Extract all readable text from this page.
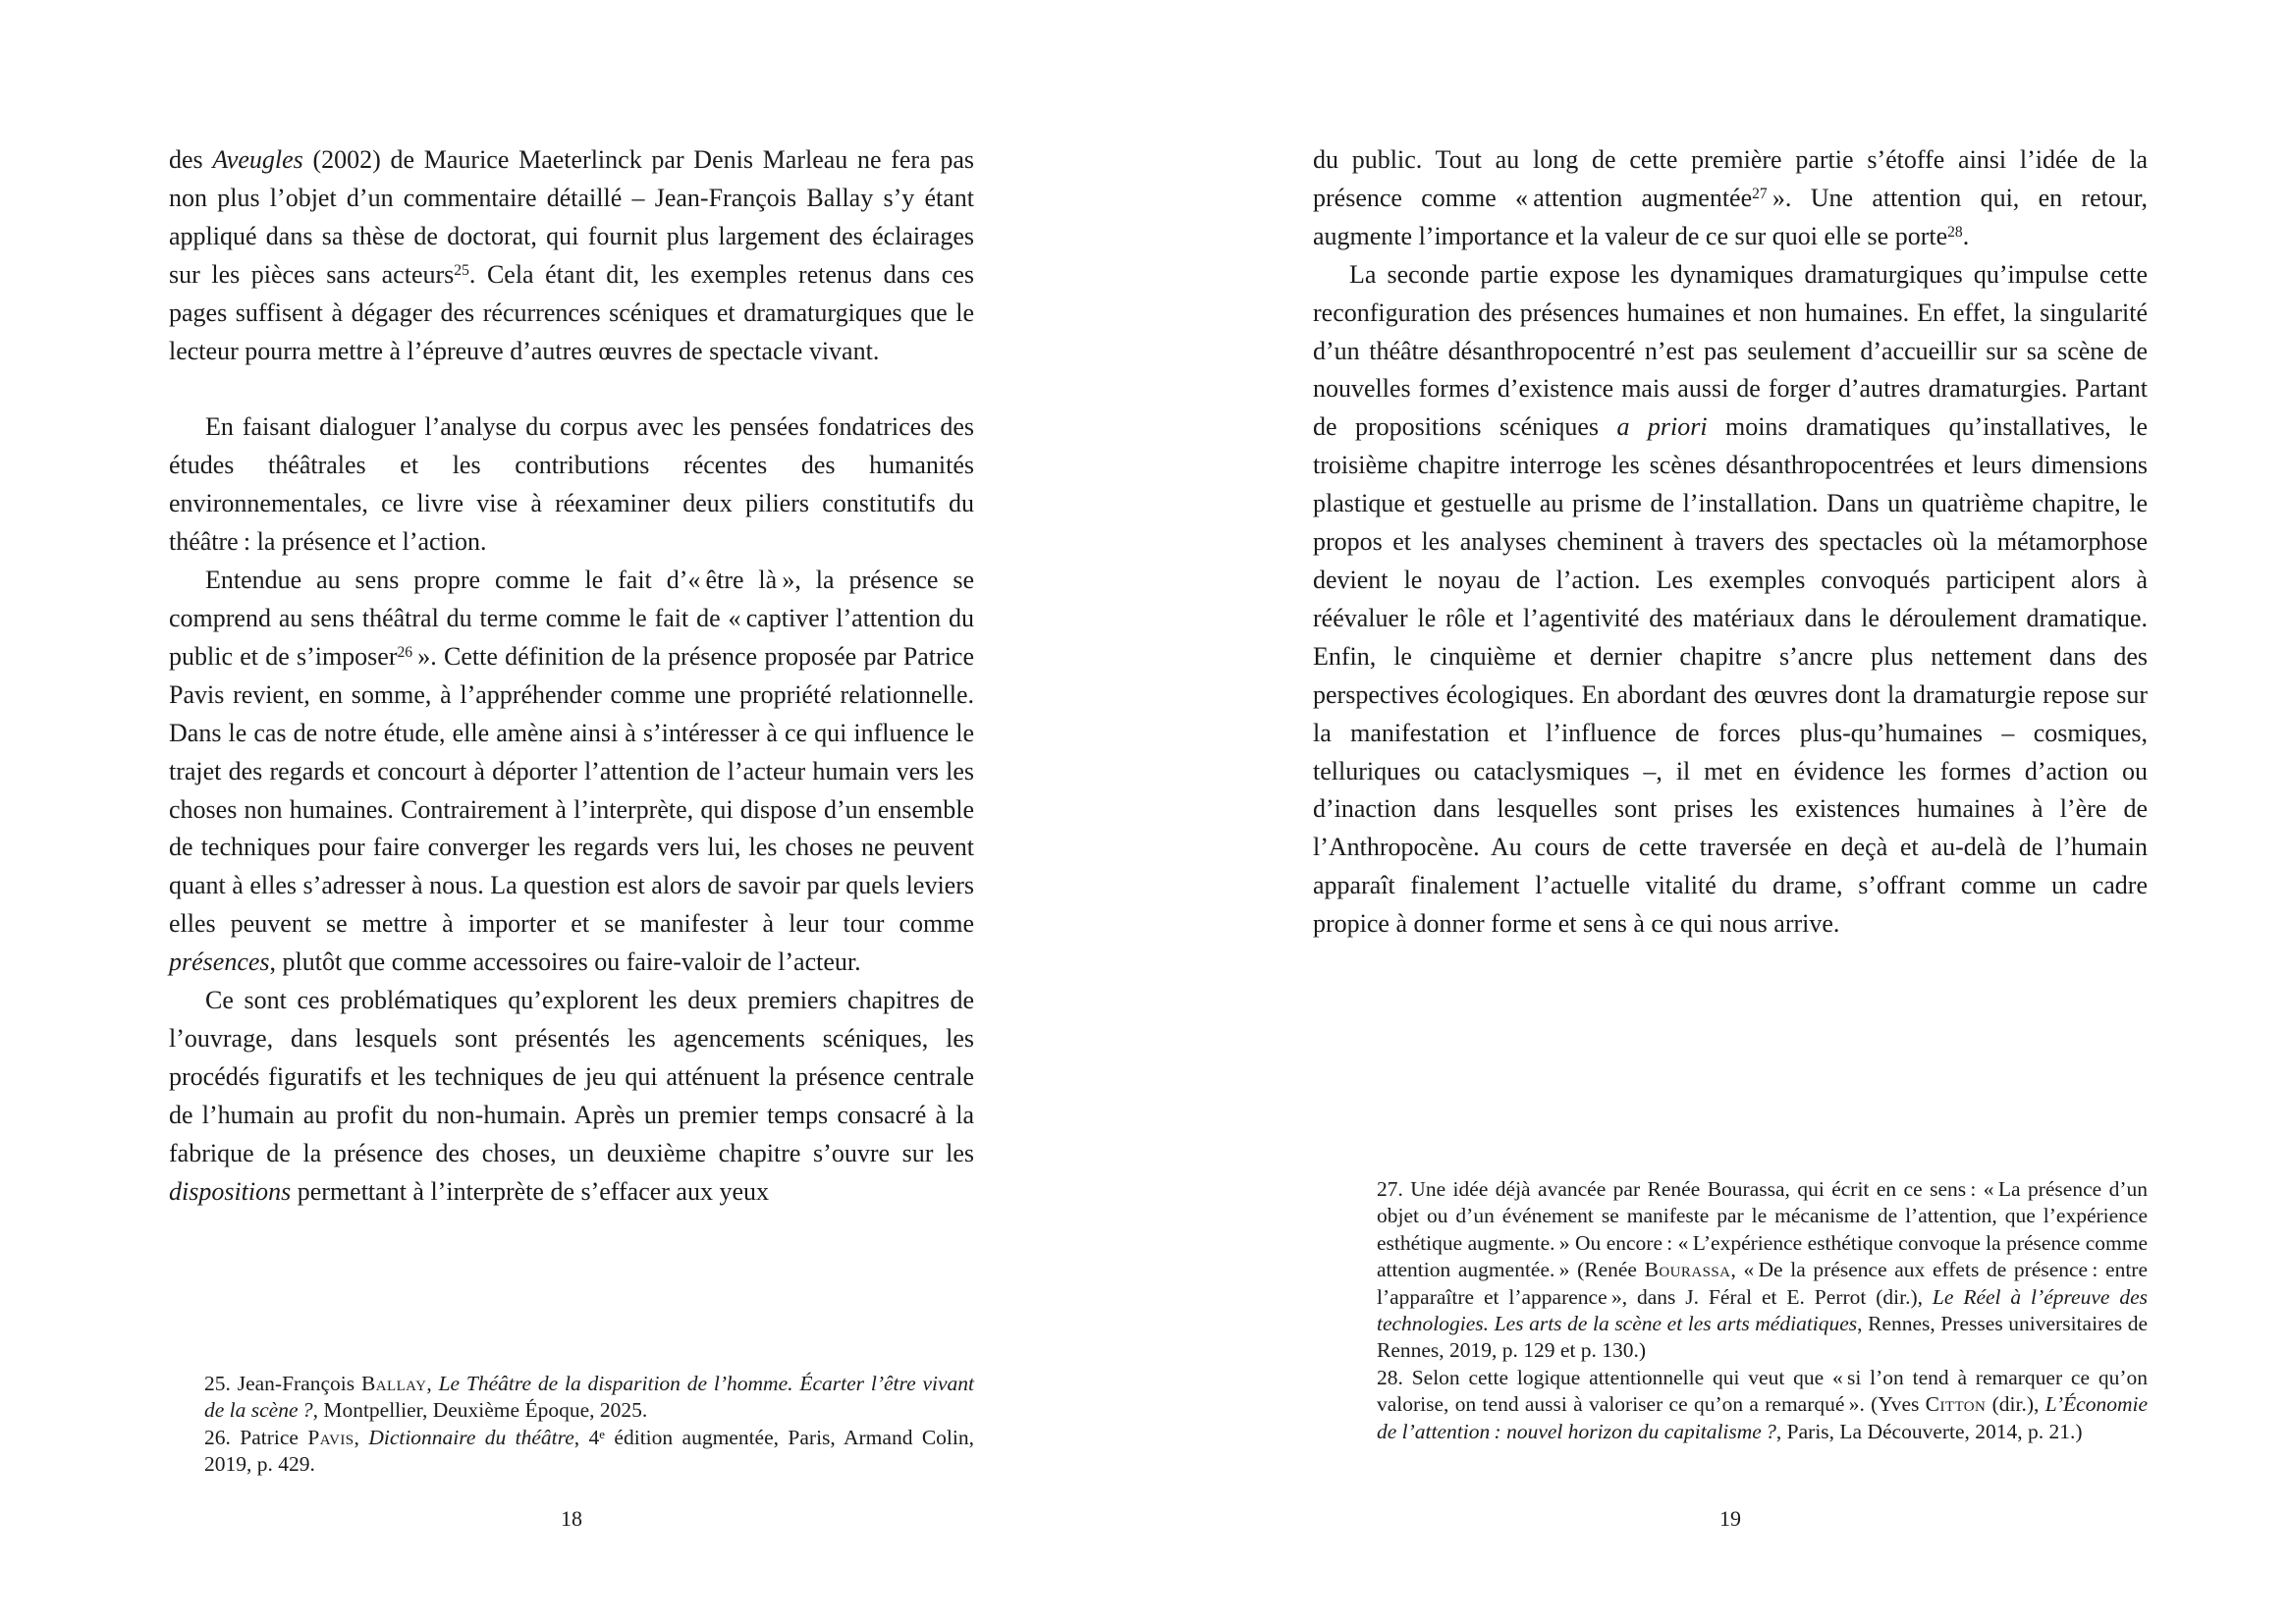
des Aveugles (2002) de Maurice Maeterlinck par Denis Marleau ne fera pas non plus l’objet d’un commentaire détaillé – Jean-François Ballay s’y étant appliqué dans sa thèse de doctorat, qui fournit plus largement des éclairages sur les pièces sans acteurs$^{25}$. Cela étant dit, les exemples retenus dans ces pages suffisent à dégager des récurrences scéniques et dramaturgiques que le lecteur pourra mettre à l’épreuve d’autres œuvres de spectacle vivant.

En faisant dialoguer l’analyse du corpus avec les pensées fondatrices des études théâtrales et les contributions récentes des humanités environnementales, ce livre vise à réexaminer deux piliers constitutifs du théâtre : la présence et l’action.

Entendue au sens propre comme le fait d’« être là », la présence se comprend au sens théâtral du terme comme le fait de « captiver l’attention du public et de s’imposer$^{26}$ ». Cette définition de la présence proposée par Patrice Pavis revient, en somme, à l’appréhender comme une propriété relationnelle. Dans le cas de notre étude, elle amène ainsi à s’intéresser à ce qui influence le trajet des regards et concourt à déporter l’attention de l’acteur humain vers les choses non humaines. Contrairement à l’interprète, qui dispose d’un ensemble de techniques pour faire converger les regards vers lui, les choses ne peuvent quant à elles s’adresser à nous. La question est alors de savoir par quels leviers elles peuvent se mettre à importer et se manifester à leur tour comme présences, plutôt que comme accessoires ou faire-valoir de l’acteur.

Ce sont ces problématiques qu’explorent les deux premiers chapitres de l’ouvrage, dans lesquels sont présentés les agencements scéniques, les procédés figuratifs et les techniques de jeu qui atténuent la présence centrale de l’humain au profit du non-humain. Après un premier temps consacré à la fabrique de la présence des choses, un deuxième chapitre s’ouvre sur les dispositions permettant à l’interprète de s’effacer aux yeux

25. Jean-François Ballay, Le Théâtre de la disparition de l’homme. Écarter l’être vivant de la scène ?, Montpellier, Deuxième Époque, 2025.

26. Patrice Pavis, Dictionnaire du théâtre, 4e édition augmentée, Paris, Armand Colin, 2019, p. 429.

18

du public. Tout au long de cette première partie s’étoffe ainsi l’idée de la présence comme « attention augmentée$^{27}$ ». Une attention qui, en retour, augmente l’importance et la valeur de ce sur quoi elle se porte$^{28}$.

La seconde partie expose les dynamiques dramaturgiques qu’impulse cette reconfiguration des présences humaines et non humaines. En effet, la singularité d’un théâtre désanthropocentré n’est pas seulement d’accueillir sur sa scène de nouvelles formes d’existence mais aussi de forger d’autres dramaturgies. Partant de propositions scéniques a priori moins dramatiques qu’installatives, le troisième chapitre interroge les scènes désanthropocentrées et leurs dimensions plastique et gestuelle au prisme de l’installation. Dans un quatrième chapitre, le propos et les analyses cheminent à travers des spectacles où la métamorphose devient le noyau de l’action. Les exemples convoqués participent alors à réévaluer le rôle et l’agentivité des matériaux dans le déroulement dramatique. Enfin, le cinquième et dernier chapitre s’ancre plus nettement dans des perspectives écologiques. En abordant des œuvres dont la dramaturgie repose sur la manifestation et l’influence de forces plus-qu’humaines – cosmiques, telluriques ou cataclysmiques –, il met en évidence les formes d’action ou d’inaction dans lesquelles sont prises les existences humaines à l’ère de l’Anthropocène. Au cours de cette traversée en deçà et au-delà de l’humain apparaît finalement l’actuelle vitalité du drame, s’offrant comme un cadre propice à donner forme et sens à ce qui nous arrive.

27. Une idée déjà avancée par Renée Bourassa, qui écrit en ce sens : « La présence d’un objet ou d’un événement se manifeste par le mécanisme de l’attention, que l’expérience esthétique augmente. » Ou encore : « L’expérience esthétique convoque la présence comme attention augmentée. » (Renée Bourassa, « De la présence aux effets de présence : entre l’apparaître et l’apparence », dans J. Féral et E. Perrot (dir.), Le Réel à l’épreuve des technologies. Les arts de la scène et les arts médiatiques, Rennes, Presses universitaires de Rennes, 2019, p. 129 et p. 130.)

28. Selon cette logique attentionnelle qui veut que « si l’on tend à remarquer ce qu’on valorise, on tend aussi à valoriser ce qu’on a remarqué ». (Yves Citton (dir.), L’Économie de l’attention : nouvel horizon du capitalisme ?, Paris, La Découverte, 2014, p. 21.)

19
